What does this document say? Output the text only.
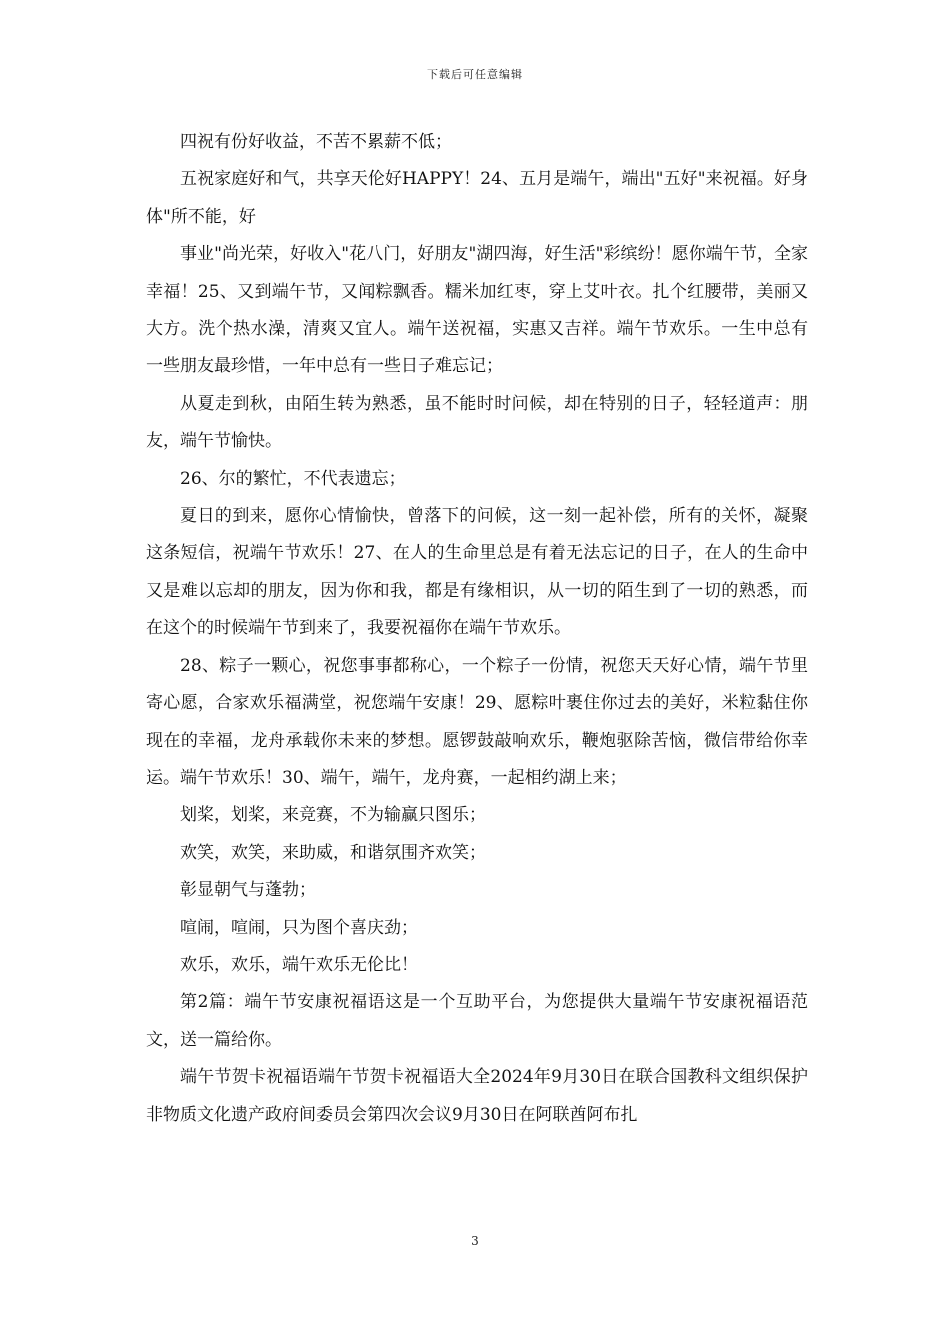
下载后可任意编辑

四祝有份好收益，不苦不累薪不低；

五祝家庭好和气，共享天伦好HAPPY！24、五月是端午，端出"五好"来祝福。好身体"所不能，好

事业"尚光荣，好收入"花八门，好朋友"湖四海，好生活"彩缤纷！愿你端午节，全家幸福！25、又到端午节，又闻粽飘香。糯米加红枣，穿上艾叶衣。扎个红腰带，美丽又大方。洗个热水澡，清爽又宜人。端午送祝福，实惠又吉祥。端午节欢乐。一生中总有一些朋友最珍惜，一年中总有一些日子难忘记；

从夏走到秋，由陌生转为熟悉，虽不能时时问候，却在特别的日子，轻轻道声：朋友，端午节愉快。

26、尔的繁忙，不代表遗忘；

夏日的到来，愿你心情愉快，曾落下的问候，这一刻一起补偿，所有的关怀，凝聚这条短信，祝端午节欢乐！27、在人的生命里总是有着无法忘记的日子，在人的生命中又是难以忘却的朋友，因为你和我，都是有缘相识，从一切的陌生到了一切的熟悉，而在这个的时候端午节到来了，我要祝福你在端午节欢乐。

28、粽子一颗心，祝您事事都称心，一个粽子一份情，祝您天天好心情，端午节里寄心愿，合家欢乐福满堂，祝您端午安康！29、愿粽叶裹住你过去的美好，米粒黏住你现在的幸福，龙舟承载你未来的梦想。愿锣鼓敲响欢乐，鞭炮驱除苦恼，微信带给你幸运。端午节欢乐！30、端午，端午，龙舟赛，一起相约湖上来；

划桨，划桨，来竞赛，不为输赢只图乐；

欢笑，欢笑，来助威，和谐氛围齐欢笑；

彰显朝气与蓬勃；

喧闹，喧闹，只为图个喜庆劲；

欢乐，欢乐，端午欢乐无伦比！

第2篇：端午节安康祝福语这是一个互助平台，为您提供大量端午节安康祝福语范文，送一篇给你。

端午节贺卡祝福语端午节贺卡祝福语大全2024年9月30日在联合国教科文组织保护非物质文化遗产政府间委员会第四次会议9月30日在阿联酋阿布扎

3
